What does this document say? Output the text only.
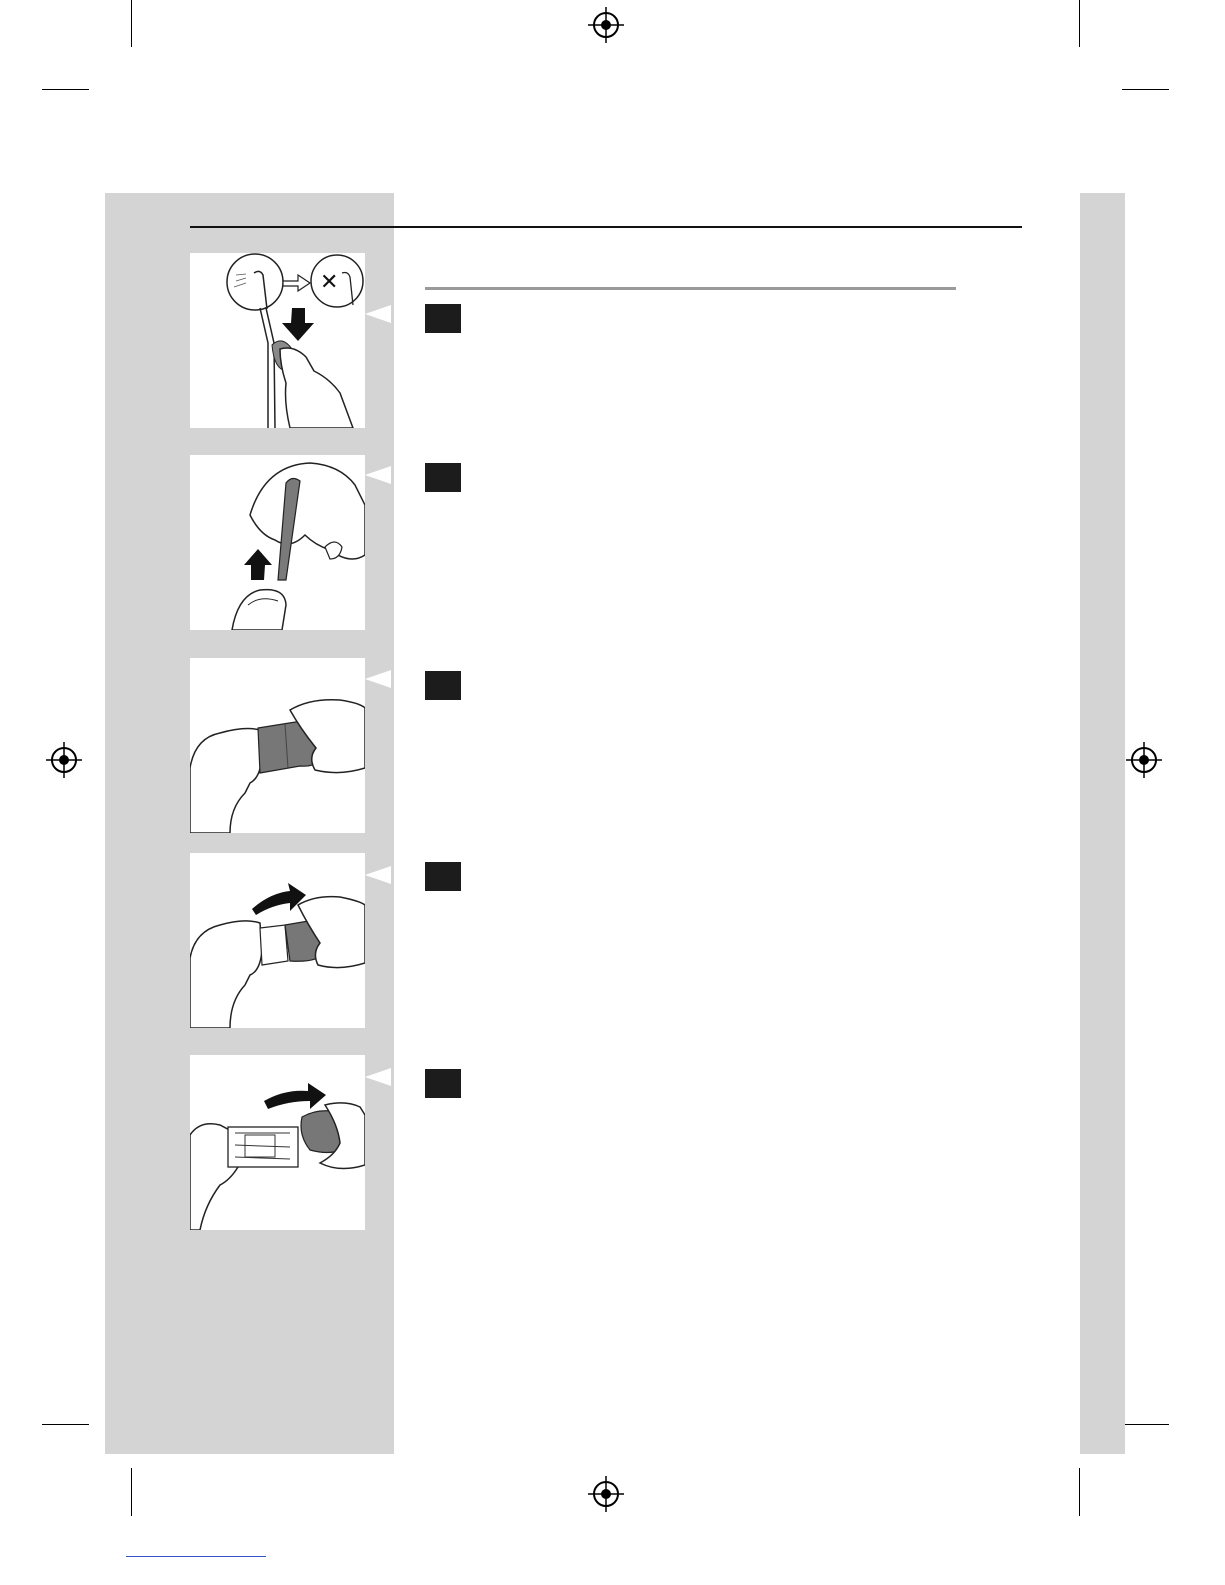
✕
